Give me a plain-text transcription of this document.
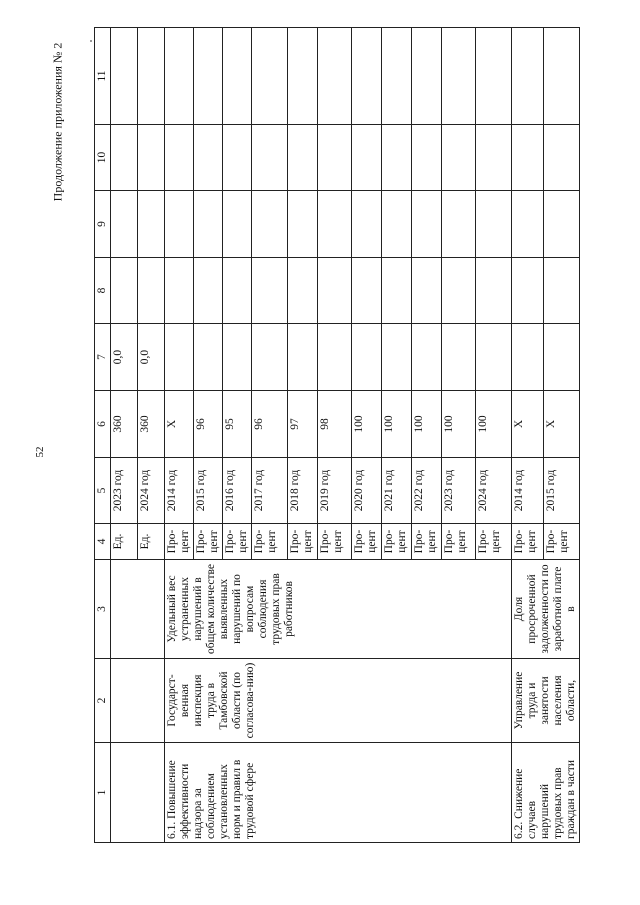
52
Продолжение приложения № 2
1	2	3	4	5	6	7	8	9	10	11
			Ед.	2023 год	360	0,0				
			Ед.	2024 год	360	0,0				
6.1. Повышение эффективности надзора за соблюдением установленных норм и правил в трудовой сфере	Государст-венная инспекция труда в Тамбовской области (по согласова-нию)	Удельный вес устраненных нарушений в общем количестве выявленных нарушений по вопросам соблюдения трудовых прав работников	Про-цент	2014 год	Х					
			Про-цент	2015 год	96					
			Про-цент	2016 год	95					
			Про-цент	2017 год	96					
			Про-цент	2018 год	97					
			Про-цент	2019 год	98					
			Про-цент	2020 год	100					
			Про-цент	2021 год	100					
			Про-цент	2022 год	100					
			Про-цент	2023 год	100					
			Про-цент	2024 год	100					
6.2. Снижение случаев нарушений трудовых прав граждан в части	Управление труда и занятости населения области,	Доля просроченной задолженности по заработной плате в	Про-цент	2014 год	Х					
			Про-цент	2015 год	Х					
